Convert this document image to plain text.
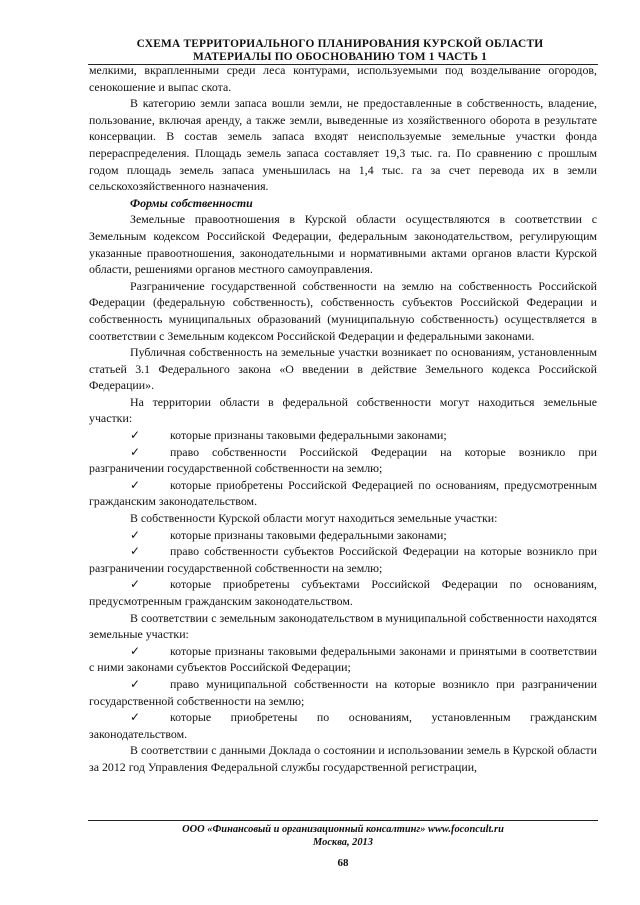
СХЕМА ТЕРРИТОРИАЛЬНОГО ПЛАНИРОВАНИЯ КУРСКОЙ ОБЛАСТИ
МАТЕРИАЛЫ ПО ОБОСНОВАНИЮ ТОМ 1 ЧАСТЬ 1

мелкими, вкрапленными среди леса контурами, используемыми под возделывание огородов, сенокошение и выпас скота.

В категорию земли запаса вошли земли, не предоставленные в собственность, владение, пользование, включая аренду, а также земли, выведенные из хозяйственного оборота в результате консервации. В состав земель запаса входят неиспользуемые земельные участки фонда перераспределения. Площадь земель запаса составляет 19,3 тыс. га. По сравнению с прошлым годом площадь земель запаса уменьшилась на 1,4 тыс. га за счет перевода их в земли сельскохозяйственного назначения.

Формы собственности

Земельные правоотношения в Курской области осуществляются в соответствии с Земельным кодексом Российской Федерации, федеральным законодательством, регулирующим указанные правоотношения, законодательными и нормативными актами органов власти Курской области, решениями органов местного самоуправления.

Разграничение государственной собственности на землю на собственность Российской Федерации (федеральную собственность), собственность субъектов Российской Федерации и собственность муниципальных образований (муниципальную собственность) осуществляется в соответствии с Земельным кодексом Российской Федерации и федеральными законами.

Публичная собственность на земельные участки возникает по основаниям, установленным статьей 3.1 Федерального закона «О введении в действие Земельного кодекса Российской Федерации».

На территории области в федеральной собственности могут находиться земельные участки:

✓	которые признаны таковыми федеральными законами;

✓	право собственности Российской Федерации на которые возникло при разграничении государственной собственности на землю;

✓	которые приобретены Российской Федерацией по основаниям, предусмотренным гражданским законодательством.

В собственности Курской области могут находиться земельные участки:

✓	которые признаны таковыми федеральными законами;

✓	право собственности субъектов Российской Федерации на которые возникло при разграничении государственной собственности на землю;

✓	которые приобретены субъектами Российской Федерации по основаниям, предусмотренным гражданским законодательством.

В соответствии с земельным законодательством в муниципальной собственности находятся земельные участки:

✓	которые признаны таковыми федеральными законами и принятыми в соответствии с ними законами субъектов Российской Федерации;

✓	право муниципальной собственности на которые возникло при разграничении государственной собственности на землю;

✓	которые приобретены по основаниям, установленным гражданским законодательством.

В соответствии с данными Доклада о состоянии и использовании земель в Курской области за 2012 год Управления Федеральной службы государственной регистрации,

ООО «Финансовый и организационный консалтинг» www.foconcult.ru
Москва, 2013
68
